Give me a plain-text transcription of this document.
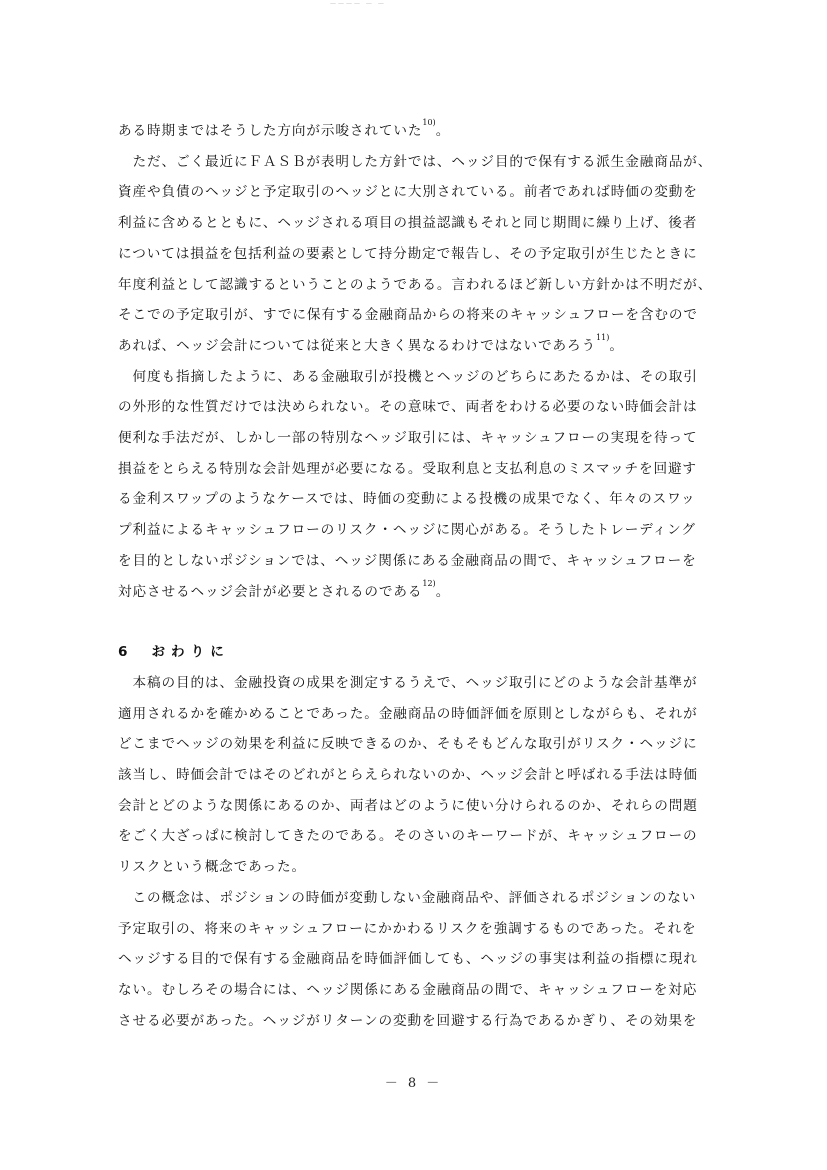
———— — —
ある時期まではそうした方向が示唆されていた$^{10)}$。
　ただ、ごく最近にＦＡＳＢが表明した方針では、ヘッジ目的で保有する派生金融商品が、
資産や負債のヘッジと予定取引のヘッジとに大別されている。前者であれば時価の変動を
利益に含めるとともに、ヘッジされる項目の損益認識もそれと同じ期間に繰り上げ、後者
については損益を包括利益の要素として持分勘定で報告し、その予定取引が生じたときに
年度利益として認識するということのようである。言われるほど新しい方針かは不明だが、
そこでの予定取引が、すでに保有する金融商品からの将来のキャッシュフローを含むので
あれば、ヘッジ会計については従来と大きく異なるわけではないであろう$^{11)}$。
　何度も指摘したように、ある金融取引が投機とヘッジのどちらにあたるかは、その取引
の外形的な性質だけでは決められない。その意味で、両者をわける必要のない時価会計は
便利な手法だが、しかし一部の特別なヘッジ取引には、キャッシュフローの実現を待って
損益をとらえる特別な会計処理が必要になる。受取利息と支払利息のミスマッチを回避す
る金利スワップのようなケースでは、時価の変動による投機の成果でなく、年々のスワッ
プ利益によるキャッシュフローのリスク・ヘッジに関心がある。そうしたトレーディング
を目的としないポジションでは、ヘッジ関係にある金融商品の間で、キャッシュフローを
対応させるヘッジ会計が必要とされるのである$^{12)}$。
6 おわりに
　本稿の目的は、金融投資の成果を測定するうえで、ヘッジ取引にどのような会計基準が
適用されるかを確かめることであった。金融商品の時価評価を原則としながらも、それが
どこまでヘッジの効果を利益に反映できるのか、そもそもどんな取引がリスク・ヘッジに
該当し、時価会計ではそのどれがとらえられないのか、ヘッジ会計と呼ばれる手法は時価
会計とどのような関係にあるのか、両者はどのように使い分けられるのか、それらの問題
をごく大ざっぱに検討してきたのである。そのさいのキーワードが、キャッシュフローの
リスクという概念であった。
　この概念は、ポジションの時価が変動しない金融商品や、評価されるポジションのない
予定取引の、将来のキャッシュフローにかかわるリスクを強調するものであった。それを
ヘッジする目的で保有する金融商品を時価評価しても、ヘッジの事実は利益の指標に現れ
ない。むしろその場合には、ヘッジ関係にある金融商品の間で、キャッシュフローを対応
させる必要があった。ヘッジがリターンの変動を回避する行為であるかぎり、その効果を
－ 8 －
